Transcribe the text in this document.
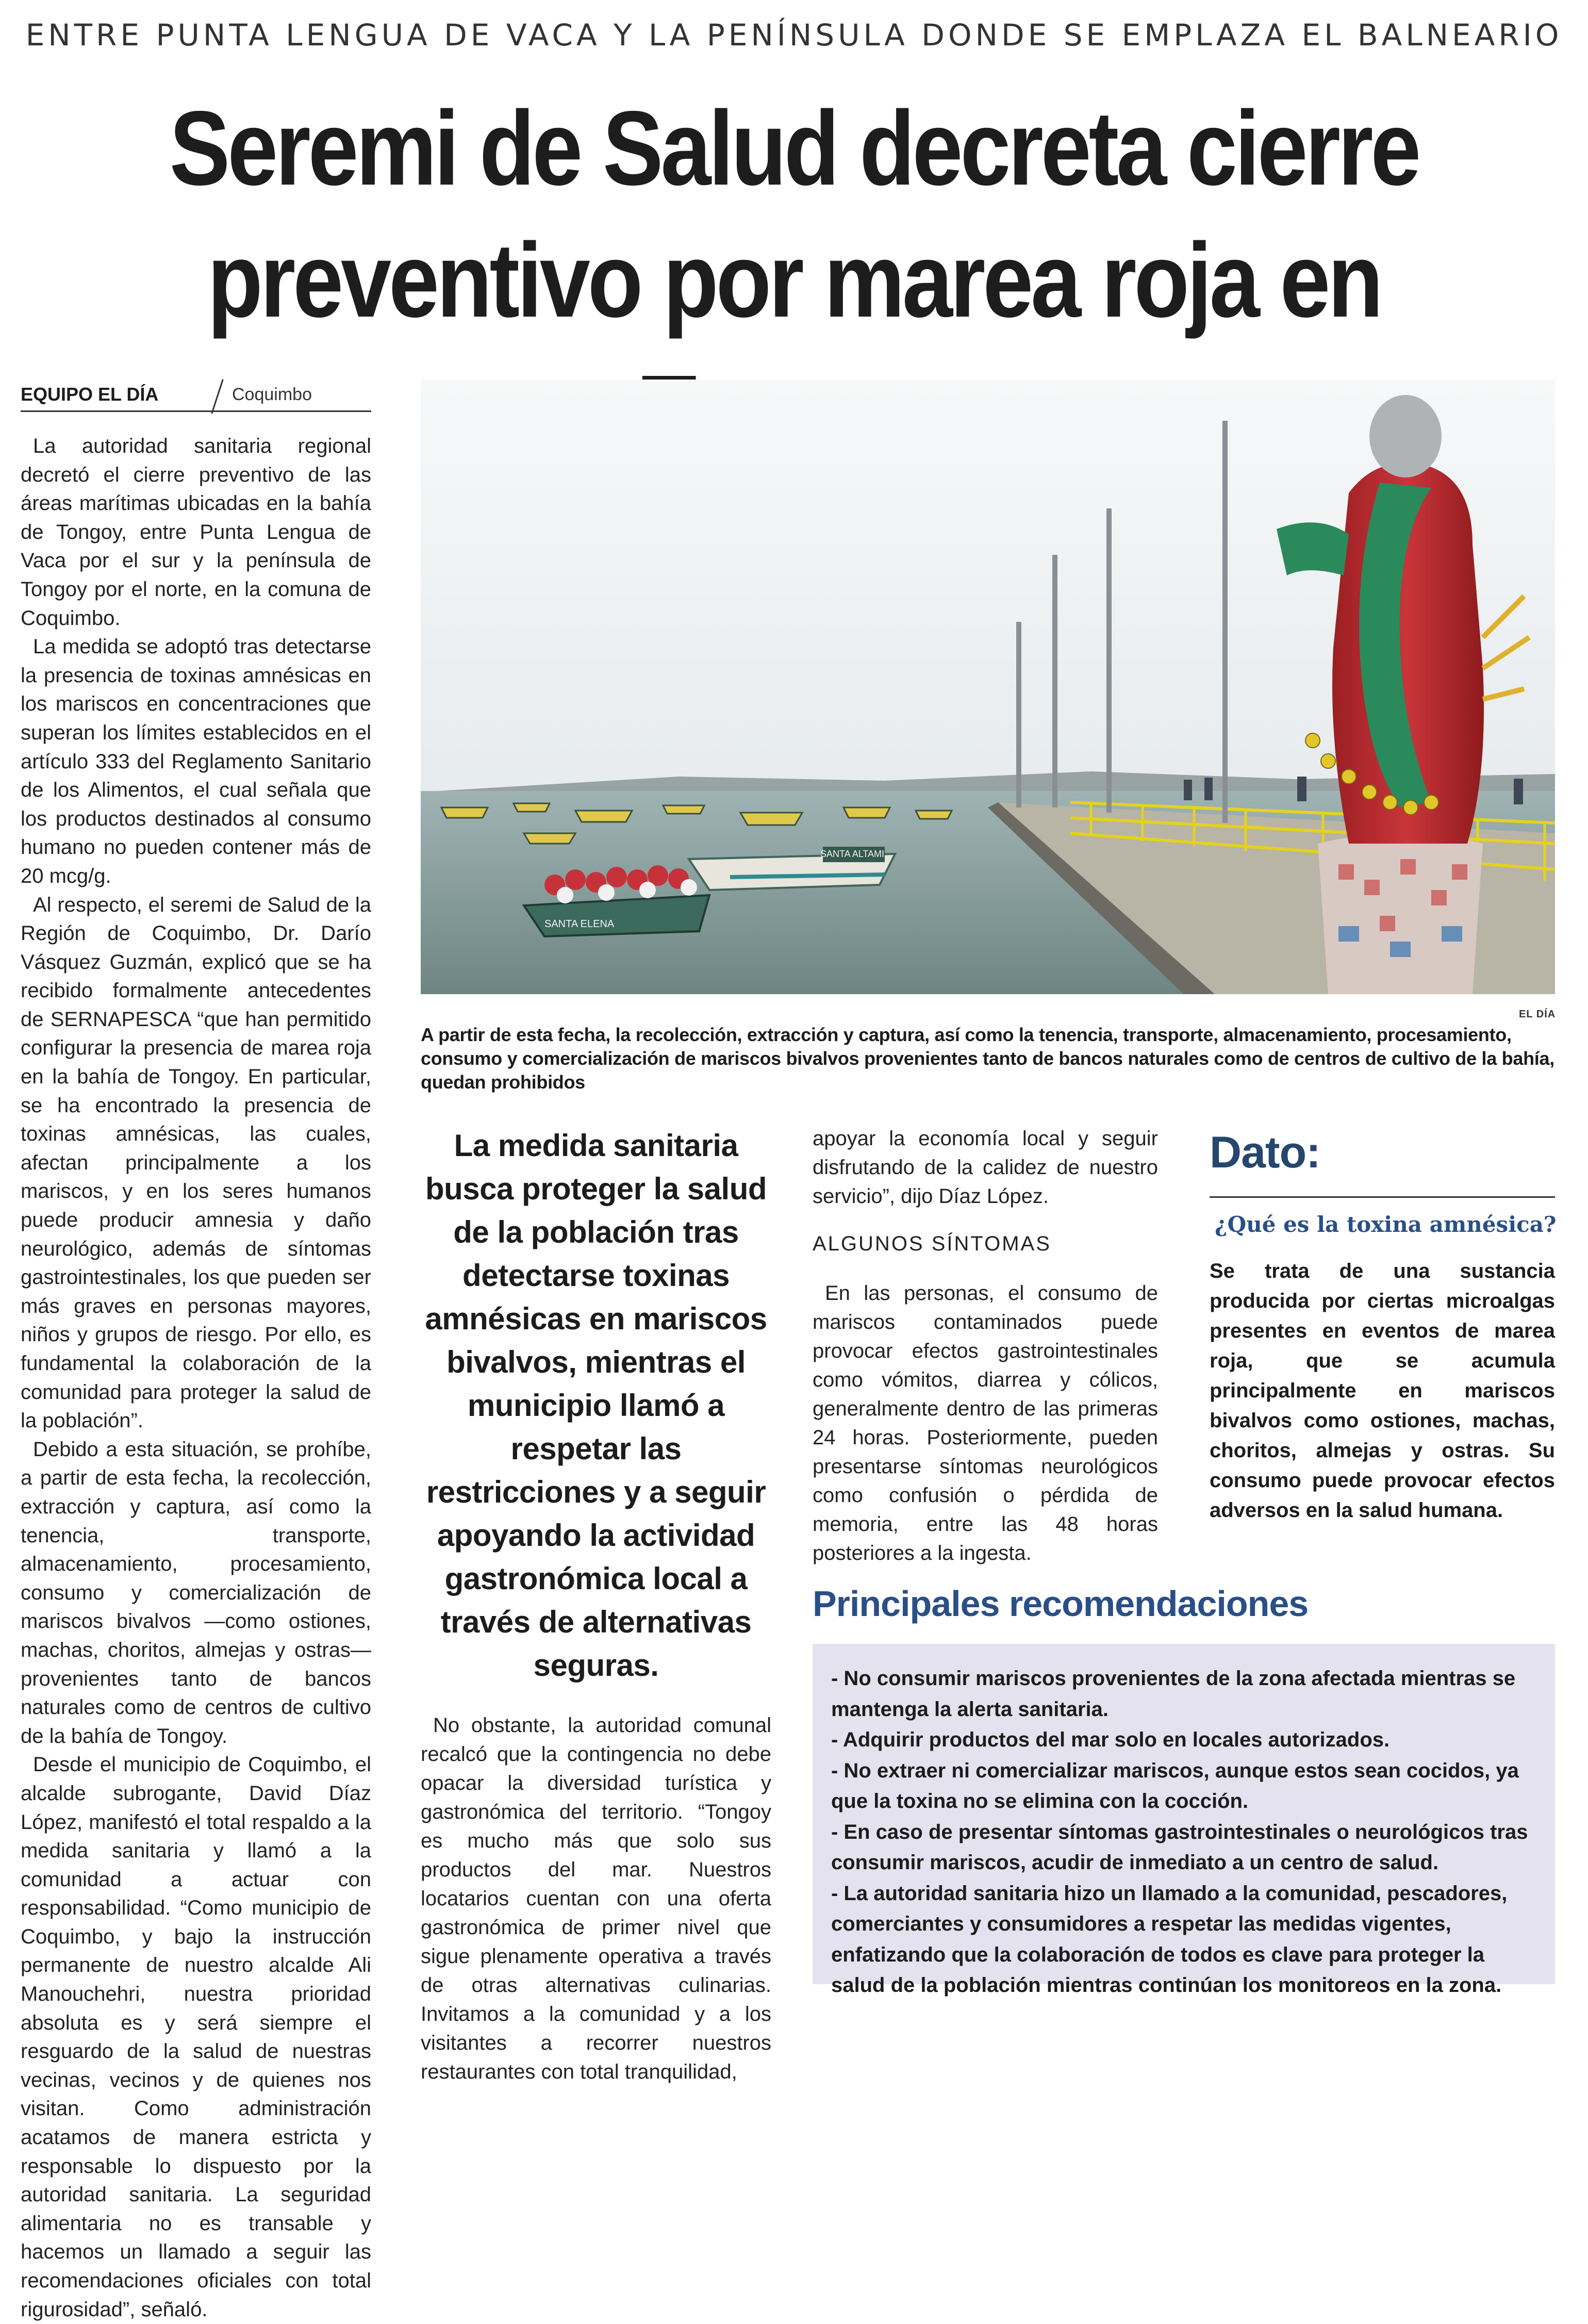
ENTRE PUNTA LENGUA DE VACA Y LA PENÍNSULA DONDE SE EMPLAZA EL BALNEARIO
Seremi de Salud decreta cierre
preventivo por marea roja en
EQUIPO EL DÍA	Coquimbo

La autoridad sanitaria regional decretó el cierre preventivo de las áreas marítimas ubicadas en la bahía de Tongoy, entre Punta Lengua de Vaca por el sur y la península de Tongoy por el norte, en la comuna de Coquimbo.

La medida se adoptó tras detectarse la presencia de toxinas amnésicas en los mariscos en concentraciones que superan los límites establecidos en el artículo 333 del Reglamento Sanitario de los Alimentos, el cual señala que los productos destinados al consumo humano no pueden contener más de 20 mcg/g.

Al respecto, el seremi de Salud de la Región de Coquimbo, Dr. Darío Vásquez Guzmán, explicó que se ha recibido formalmente antecedentes de SERNAPESCA “que han permitido configurar la presencia de marea roja en la bahía de Tongoy. En particular, se ha encontrado la presencia de toxinas amnésicas, las cuales, afectan principalmente a los mariscos, y en los seres humanos puede producir amnesia y daño neurológico, además de síntomas gastrointestinales, los que pueden ser más graves en personas mayores, niños y grupos de riesgo. Por ello, es fundamental la colaboración de la comunidad para proteger la salud de la población”.

Debido a esta situación, se prohíbe, a partir de esta fecha, la recolección, extracción y captura, así como la tenencia, transporte, almacenamiento, procesamiento, consumo y comercialización de mariscos bivalvos —como ostiones, machas, choritos, almejas y ostras— provenientes tanto de bancos naturales como de centros de cultivo de la bahía de Tongoy.

Desde el municipio de Coquimbo, el alcalde subrogante, David Díaz López, manifestó el total respaldo a la medida sanitaria y llamó a la comunidad a actuar con responsabilidad. “Como municipio de Coquimbo, y bajo la instrucción permanente de nuestro alcalde Ali Manouchehri, nuestra prioridad absoluta es y será siempre el resguardo de la salud de nuestras vecinas, vecinos y de quienes nos visitan. Como administración acatamos de manera estricta y responsable lo dispuesto por la autoridad sanitaria. La seguridad alimentaria no es transable y hacemos un llamado a seguir las recomendaciones oficiales con total rigurosidad”, señaló.

SANTA ELENA
SANTA ALTAMI
EL DÍA
A partir de esta fecha, la recolección, extracción y captura, así como la tenencia, transporte, almacenamiento, procesamiento, consumo y comercialización de mariscos bivalvos provenientes tanto de bancos naturales como de centros de cultivo de la bahía, quedan prohibidos
La medida sanitaria busca proteger la salud de la población tras detectarse toxinas amnésicas en mariscos bivalvos, mientras el municipio llamó a respetar las restricciones y a seguir apoyando la actividad gastronómica local a través de alternativas seguras.

No obstante, la autoridad comunal recalcó que la contingencia no debe opacar la diversidad turística y gastronómica del territorio. “Tongoy es mucho más que solo sus productos del mar. Nuestros locatarios cuentan con una oferta gastronómica de primer nivel que sigue plenamente operativa a través de otras alternativas culinarias. Invitamos a la comunidad y a los visitantes a recorrer nuestros restaurantes con total tranquilidad,

apoyar la economía local y seguir disfrutando de la calidez de nuestro servicio”, dijo Díaz López.

ALGUNOS SÍNTOMAS

En las personas, el consumo de mariscos contaminados puede provocar efectos gastrointestinales como vómitos, diarrea y cólicos, generalmente dentro de las primeras 24 horas. Posteriormente, pueden presentarse síntomas neurológicos como confusión o pérdida de memoria, entre las 48 horas posteriores a la ingesta.

Dato:
¿Qué es la toxina amnésica?
Se trata de una sustancia producida por ciertas microalgas presentes en eventos de marea roja, que se acumula principalmente en mariscos bivalvos como ostiones, machas, choritos, almejas y ostras. Su consumo puede provocar efectos adversos en la salud humana.
Principales recomendaciones

- No consumir mariscos provenientes de la zona afectada mientras se mantenga la alerta sanitaria.

- Adquirir productos del mar solo en locales autorizados.

- No extraer ni comercializar mariscos, aunque estos sean cocidos, ya que la toxina no se elimina con la cocción.

- En caso de presentar síntomas gastrointestinales o neurológicos tras consumir mariscos, acudir de inmediato a un centro de salud.

- La autoridad sanitaria hizo un llamado a la comunidad, pescadores, comerciantes y consumidores a respetar las medidas vigentes, enfatizando que la colaboración de todos es clave para proteger la salud de la población mientras continúan los monitoreos en la zona.
